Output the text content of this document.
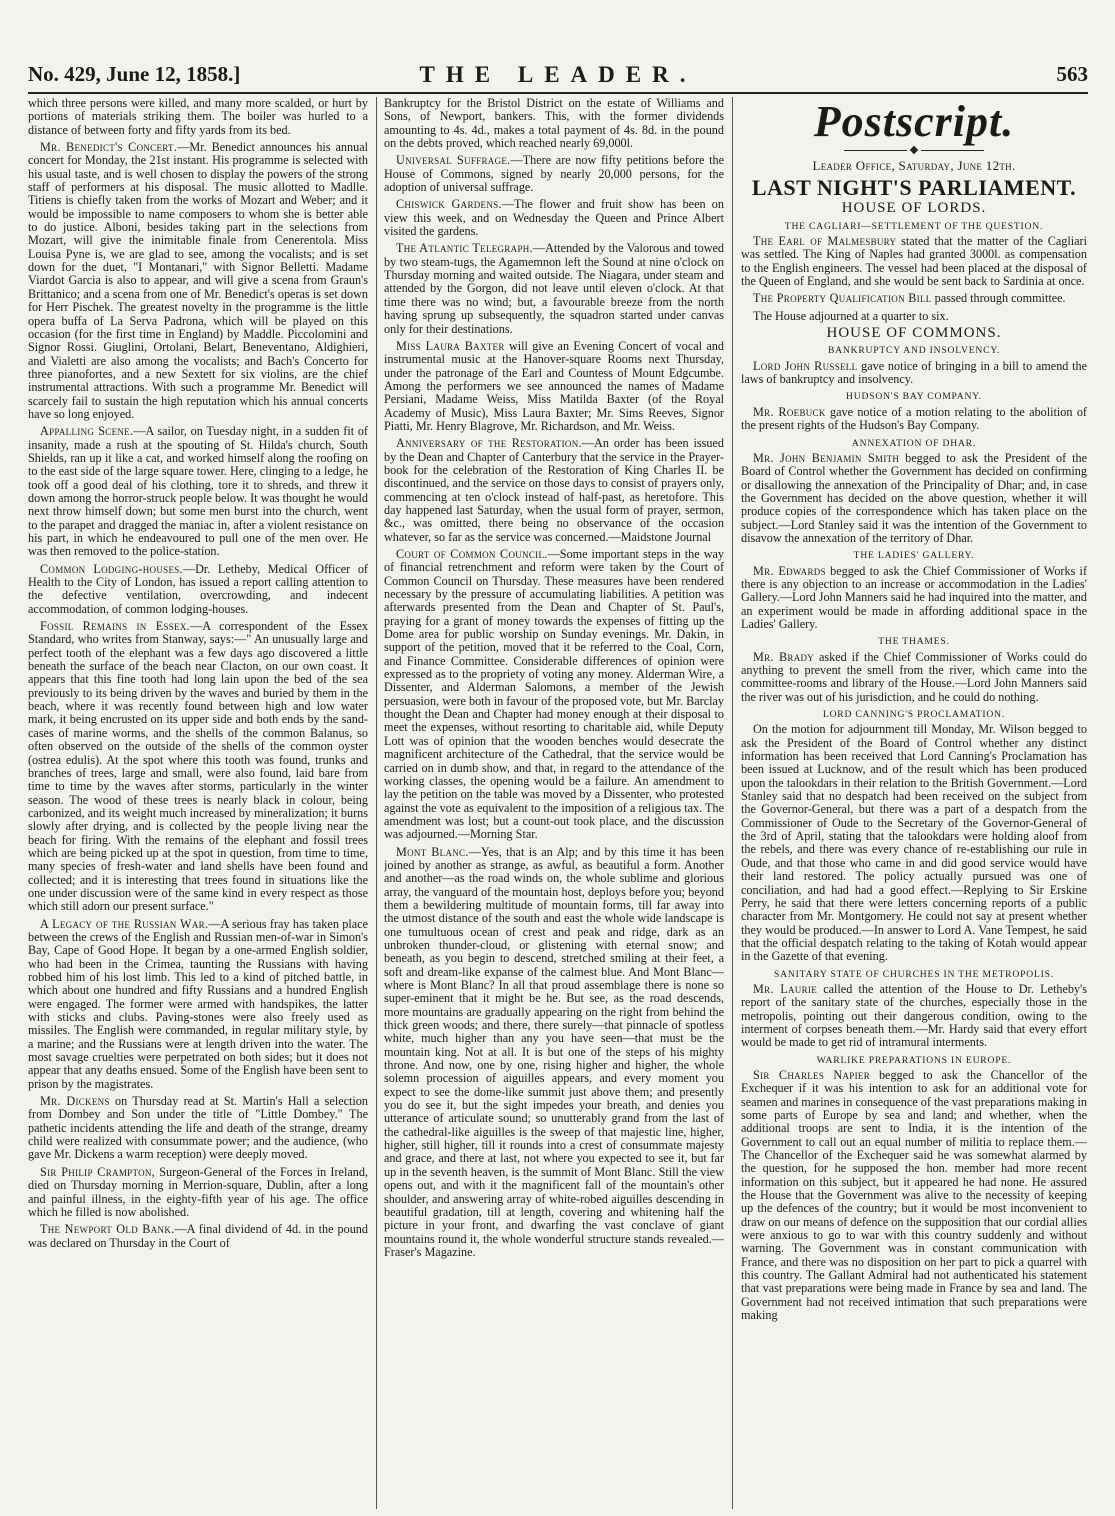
No. 429, June 12, 1858.]	THE LEADER.	563

which three persons were killed, and many more scalded, or hurt by portions of materials striking them. The boiler was hurled to a distance of between forty and fifty yards from its bed.

Mr. Benedict's Concert.—Mr. Benedict announces his annual concert for Monday, the 21st instant. His programme is selected with his usual taste, and is well chosen to display the powers of the strong staff of performers at his disposal. The music allotted to Madlle. Titiens is chiefly taken from the works of Mozart and Weber; and it would be impossible to name composers to whom she is better able to do justice. Alboni, besides taking part in the selections from Mozart, will give the inimitable finale from Cenerentola. Miss Louisa Pyne is, we are glad to see, among the vocalists; and is set down for the duet, "I Montanari," with Signor Belletti. Madame Viardot Garcia is also to appear, and will give a scena from Graun's Brittanico; and a scena from one of Mr. Benedict's operas is set down for Herr Pischek. The greatest novelty in the programme is the little opera buffa of La Serva Padrona, which will be played on this occasion (for the first time in England) by Maddle. Piccolomini and Signor Rossi. Giuglini, Ortolani, Belart, Beneventano, Aldighieri, and Vialetti are also among the vocalists; and Bach's Concerto for three pianofortes, and a new Sextett for six violins, are the chief instrumental attractions. With such a programme Mr. Benedict will scarcely fail to sustain the high reputation which his annual concerts have so long enjoyed.

Appalling Scene.—A sailor, on Tuesday night, in a sudden fit of insanity, made a rush at the spouting of St. Hilda's church, South Shields, ran up it like a cat, and worked himself along the roofing on to the east side of the large square tower. Here, clinging to a ledge, he took off a good deal of his clothing, tore it to shreds, and threw it down among the horror-struck people below. It was thought he would next throw himself down; but some men burst into the church, went to the parapet and dragged the maniac in, after a violent resistance on his part, in which he endeavoured to pull one of the men over. He was then removed to the police-station.

Common Lodging-houses.—Dr. Letheby, Medical Officer of Health to the City of London, has issued a report calling attention to the defective ventilation, overcrowding, and indecent accommodation, of common lodging-houses.

Fossil Remains in Essex.—A correspondent of the Essex Standard, who writes from Stanway, says:—" An unusually large and perfect tooth of the elephant was a few days ago discovered a little beneath the surface of the beach near Clacton, on our own coast. It appears that this fine tooth had long lain upon the bed of the sea previously to its being driven by the waves and buried by them in the beach, where it was recently found between high and low water mark, it being encrusted on its upper side and both ends by the sand-cases of marine worms, and the shells of the common Balanus, so often observed on the outside of the shells of the common oyster (ostrea edulis). At the spot where this tooth was found, trunks and branches of trees, large and small, were also found, laid bare from time to time by the waves after storms, particularly in the winter season. The wood of these trees is nearly black in colour, being carbonized, and its weight much increased by mineralization; it burns slowly after drying, and is collected by the people living near the beach for firing. With the remains of the elephant and fossil trees which are being picked up at the spot in question, from time to time, many species of fresh-water and land shells have been found and collected; and it is interesting that trees found in situations like the one under discussion were of the same kind in every respect as those which still adorn our present surface."

A Legacy of the Russian War.—A serious fray has taken place between the crews of the English and Russian men-of-war in Simon's Bay, Cape of Good Hope. It began by a one-armed English soldier, who had been in the Crimea, taunting the Russians with having robbed him of his lost limb. This led to a kind of pitched battle, in which about one hundred and fifty Russians and a hundred English were engaged. The former were armed with handspikes, the latter with sticks and clubs. Paving-stones were also freely used as missiles. The English were commanded, in regular military style, by a marine; and the Russians were at length driven into the water. The most savage cruelties were perpetrated on both sides; but it does not appear that any deaths ensued. Some of the English have been sent to prison by the magistrates.

Mr. Dickens on Thursday read at St. Martin's Hall a selection from Dombey and Son under the title of "Little Dombey." The pathetic incidents attending the life and death of the strange, dreamy child were realized with consummate power; and the audience, (who gave Mr. Dickens a warm reception) were deeply moved.

Sir Philip Crampton, Surgeon-General of the Forces in Ireland, died on Thursday morning in Merrion-square, Dublin, after a long and painful illness, in the eighty-fifth year of his age. The office which he filled is now abolished.

The Newport Old Bank.—A final dividend of 4d. in the pound was declared on Thursday in the Court of

Bankruptcy for the Bristol District on the estate of Williams and Sons, of Newport, bankers. This, with the former dividends amounting to 4s. 4d., makes a total payment of 4s. 8d. in the pound on the debts proved, which reached nearly 69,000l.

Universal Suffrage.—There are now fifty petitions before the House of Commons, signed by nearly 20,000 persons, for the adoption of universal suffrage.

Chiswick Gardens.—The flower and fruit show has been on view this week, and on Wednesday the Queen and Prince Albert visited the gardens.

The Atlantic Telegraph.—Attended by the Valorous and towed by two steam-tugs, the Agamemnon left the Sound at nine o'clock on Thursday morning and waited outside. The Niagara, under steam and attended by the Gorgon, did not leave until eleven o'clock. At that time there was no wind; but, a favourable breeze from the north having sprung up subsequently, the squadron started under canvas only for their destinations.

Miss Laura Baxter will give an Evening Concert of vocal and instrumental music at the Hanover-square Rooms next Thursday, under the patronage of the Earl and Countess of Mount Edgcumbe. Among the performers we see announced the names of Madame Persiani, Madame Weiss, Miss Matilda Baxter (of the Royal Academy of Music), Miss Laura Baxter; Mr. Sims Reeves, Signor Piatti, Mr. Henry Blagrove, Mr. Richardson, and Mr. Weiss.

Anniversary of the Restoration.—An order has been issued by the Dean and Chapter of Canterbury that the service in the Prayer-book for the celebration of the Restoration of King Charles II. be discontinued, and the service on those days to consist of prayers only, commencing at ten o'clock instead of half-past, as heretofore. This day happened last Saturday, when the usual form of prayer, sermon, &c., was omitted, there being no observance of the occasion whatever, so far as the service was concerned.—Maidstone Journal

Court of Common Council.—Some important steps in the way of financial retrenchment and reform were taken by the Court of Common Council on Thursday. These measures have been rendered necessary by the pressure of accumulating liabilities. A petition was afterwards presented from the Dean and Chapter of St. Paul's, praying for a grant of money towards the expenses of fitting up the Dome area for public worship on Sunday evenings. Mr. Dakin, in support of the petition, moved that it be referred to the Coal, Corn, and Finance Committee. Considerable differences of opinion were expressed as to the propriety of voting any money. Alderman Wire, a Dissenter, and Alderman Salomons, a member of the Jewish persuasion, were both in favour of the proposed vote, but Mr. Barclay thought the Dean and Chapter had money enough at their disposal to meet the expenses, without resorting to charitable aid, while Deputy Lott was of opinion that the wooden benches would desecrate the magnificent architecture of the Cathedral, that the service would be carried on in dumb show, and that, in regard to the attendance of the working classes, the opening would be a failure. An amendment to lay the petition on the table was moved by a Dissenter, who protested against the vote as equivalent to the imposition of a religious tax. The amendment was lost; but a count-out took place, and the discussion was adjourned.—Morning Star.

Mont Blanc.—Yes, that is an Alp; and by this time it has been joined by another as strange, as awful, as beautiful a form. Another and another—as the road winds on, the whole sublime and glorious array, the vanguard of the mountain host, deploys before you; beyond them a bewildering multitude of mountain forms, till far away into the utmost distance of the south and east the whole wide landscape is one tumultuous ocean of crest and peak and ridge, dark as an unbroken thunder-cloud, or glistening with eternal snow; and beneath, as you begin to descend, stretched smiling at their feet, a soft and dream-like expanse of the calmest blue. And Mont Blanc—where is Mont Blanc? In all that proud assemblage there is none so super-eminent that it might be he. But see, as the road descends, more mountains are gradually appearing on the right from behind the thick green woods; and there, there surely—that pinnacle of spotless white, much higher than any you have seen—that must be the mountain king. Not at all. It is but one of the steps of his mighty throne. And now, one by one, rising higher and higher, the whole solemn procession of aiguilles appears, and every moment you expect to see the dome-like summit just above them; and presently you do see it, but the sight impedes your breath, and denies you utterance of articulate sound; so unutterably grand from the last of the cathedral-like aiguilles is the sweep of that majestic line, higher, higher, still higher, till it rounds into a crest of consummate majesty and grace, and there at last, not where you expected to see it, but far up in the seventh heaven, is the summit of Mont Blanc. Still the view opens out, and with it the magnificent fall of the mountain's other shoulder, and answering array of white-robed aiguilles descending in beautiful gradation, till at length, covering and whitening half the picture in your front, and dwarfing the vast conclave of giant mountains round it, the whole wonderful structure stands revealed.—Fraser's Magazine.

Postscript.
Leader Office, Saturday, June 12th.
LAST NIGHT'S PARLIAMENT.
HOUSE OF LORDS.
THE CAGLIARI—SETTLEMENT OF THE QUESTION.

The Earl of Malmesbury stated that the matter of the Cagliari was settled. The King of Naples had granted 3000l. as compensation to the English engineers. The vessel had been placed at the disposal of the Queen of England, and she would be sent back to Sardinia at once.

The Property Qualification Bill passed through committee.

The House adjourned at a quarter to six.

HOUSE OF COMMONS.
BANKRUPTCY AND INSOLVENCY.

Lord John Russell gave notice of bringing in a bill to amend the laws of bankruptcy and insolvency.

HUDSON'S BAY COMPANY.

Mr. Roebuck gave notice of a motion relating to the abolition of the present rights of the Hudson's Bay Company.

ANNEXATION OF DHAR.

Mr. John Benjamin Smith begged to ask the President of the Board of Control whether the Government has decided on confirming or disallowing the annexation of the Principality of Dhar; and, in case the Government has decided on the above question, whether it will produce copies of the correspondence which has taken place on the subject.—Lord Stanley said it was the intention of the Government to disavow the annexation of the territory of Dhar.

THE LADIES' GALLERY.

Mr. Edwards begged to ask the Chief Commissioner of Works if there is any objection to an increase or accommodation in the Ladies' Gallery.—Lord John Manners said he had inquired into the matter, and an experiment would be made in affording additional space in the Ladies' Gallery.

THE THAMES.

Mr. Brady asked if the Chief Commissioner of Works could do anything to prevent the smell from the river, which came into the committee-rooms and library of the House.—Lord John Manners said the river was out of his jurisdiction, and he could do nothing.

LORD CANNING'S PROCLAMATION.

On the motion for adjournment till Monday, Mr. Wilson begged to ask the President of the Board of Control whether any distinct information has been received that Lord Canning's Proclamation has been issued at Lucknow, and of the result which has been produced upon the talookdars in their relation to the British Government.—Lord Stanley said that no despatch had been received on the subject from the Governor-General, but there was a part of a despatch from the Commissioner of Oude to the Secretary of the Governor-General of the 3rd of April, stating that the talookdars were holding aloof from the rebels, and there was every chance of re-establishing our rule in Oude, and that those who came in and did good service would have their land restored. The policy actually pursued was one of conciliation, and had had a good effect.—Replying to Sir Erskine Perry, he said that there were letters concerning reports of a public character from Mr. Montgomery. He could not say at present whether they would be produced.—In answer to Lord A. Vane Tempest, he said that the official despatch relating to the taking of Kotah would appear in the Gazette of that evening.

SANITARY STATE OF CHURCHES IN THE METROPOLIS.

Mr. Laurie called the attention of the House to Dr. Letheby's report of the sanitary state of the churches, especially those in the metropolis, pointing out their dangerous condition, owing to the interment of corpses beneath them.—Mr. Hardy said that every effort would be made to get rid of intramural interments.

WARLIKE PREPARATIONS IN EUROPE.

Sir Charles Napier begged to ask the Chancellor of the Exchequer if it was his intention to ask for an additional vote for seamen and marines in consequence of the vast preparations making in some parts of Europe by sea and land; and whether, when the additional troops are sent to India, it is the intention of the Government to call out an equal number of militia to replace them.—The Chancellor of the Exchequer said he was somewhat alarmed by the question, for he supposed the hon. member had more recent information on this subject, but it appeared he had none. He assured the House that the Government was alive to the necessity of keeping up the defences of the country; but it would be most inconvenient to draw on our means of defence on the supposition that our cordial allies were anxious to go to war with this country suddenly and without warning. The Government was in constant communication with France, and there was no disposition on her part to pick a quarrel with this country. The Gallant Admiral had not authenticated his statement that vast preparations were being made in France by sea and land. The Government had not received intimation that such preparations were making
